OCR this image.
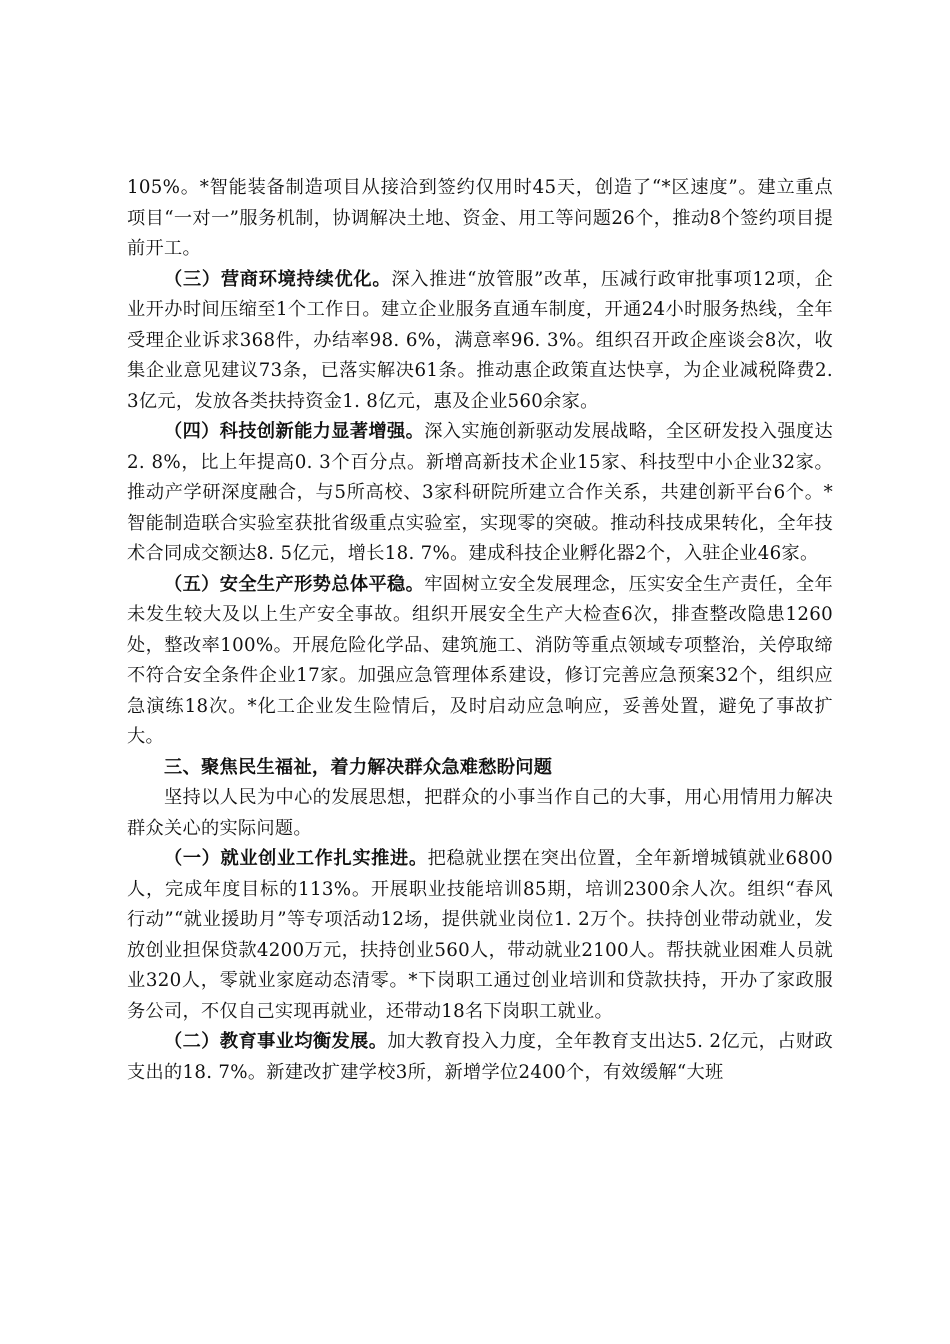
105%。*智能装备制造项目从接洽到签约仅用时45天，创造了“*区速度”。建立重点项目“一对一”服务机制，协调解决土地、资金、用工等问题26个，推动8个签约项目提前开工。

（三）营商环境持续优化。深入推进“放管服”改革，压减行政审批事项12项，企业开办时间压缩至1个工作日。建立企业服务直通车制度，开通24小时服务热线，全年受理企业诉求368件，办结率98. 6%，满意率96. 3%。组织召开政企座谈会8次，收集企业意见建议73条，已落实解决61条。推动惠企政策直达快享，为企业减税降费2. 3亿元，发放各类扶持资金1. 8亿元，惠及企业560余家。

（四）科技创新能力显著增强。深入实施创新驱动发展战略，全区研发投入强度达2. 8%，比上年提高0. 3个百分点。新增高新技术企业15家、科技型中小企业32家。推动产学研深度融合，与5所高校、3家科研院所建立合作关系，共建创新平台6个。*智能制造联合实验室获批省级重点实验室，实现零的突破。推动科技成果转化，全年技术合同成交额达8. 5亿元，增长18. 7%。建成科技企业孵化器2个，入驻企业46家。

（五）安全生产形势总体平稳。牢固树立安全发展理念，压实安全生产责任，全年未发生较大及以上生产安全事故。组织开展安全生产大检查6次，排查整改隐患1260处，整改率100%。开展危险化学品、建筑施工、消防等重点领域专项整治，关停取缔不符合安全条件企业17家。加强应急管理体系建设，修订完善应急预案32个，组织应急演练18次。*化工企业发生险情后，及时启动应急响应，妥善处置，避免了事故扩大。

三、聚焦民生福祉，着力解决群众急难愁盼问题

坚持以人民为中心的发展思想，把群众的小事当作自己的大事，用心用情用力解决群众关心的实际问题。

（一）就业创业工作扎实推进。把稳就业摆在突出位置，全年新增城镇就业6800人，完成年度目标的113%。开展职业技能培训85期，培训2300余人次。组织“春风行动”“就业援助月”等专项活动12场，提供就业岗位1. 2万个。扶持创业带动就业，发放创业担保贷款4200万元，扶持创业560人，带动就业2100人。帮扶就业困难人员就业320人，零就业家庭动态清零。*下岗职工通过创业培训和贷款扶持，开办了家政服务公司，不仅自己实现再就业，还带动18名下岗职工就业。

（二）教育事业均衡发展。加大教育投入力度，全年教育支出达5. 2亿元，占财政支出的18. 7%。新建改扩建学校3所，新增学位2400个，有效缓解“大班
